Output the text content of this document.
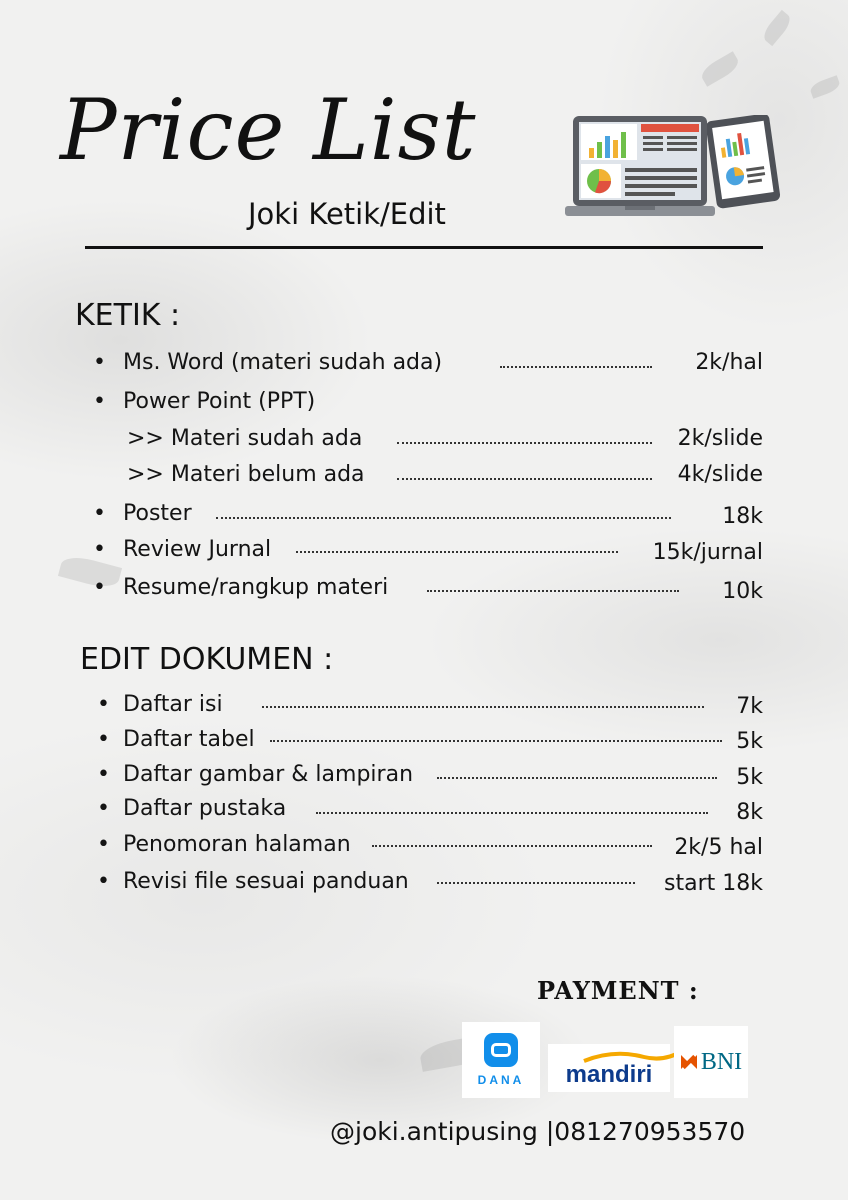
Price List
Joki Ketik/Edit
KETIK :
• Ms. Word (materi sudah ada)	2k/hal
• Power Point (PPT)
>> Materi sudah ada	2k/slide
>> Materi belum ada	4k/slide
• Poster	18k
• Review Jurnal	15k/jurnal
• Resume/rangkup materi	10k
EDIT DOKUMEN :
• Daftar isi	7k
• Daftar tabel	5k
• Daftar gambar & lampiran	5k
• Daftar pustaka	8k
• Penomoran halaman	2k/5 hal
• Revisi file sesuai panduan	start 18k
PAYMENT :
DANA mandiri BNI
@joki.antipusing |081270953570
